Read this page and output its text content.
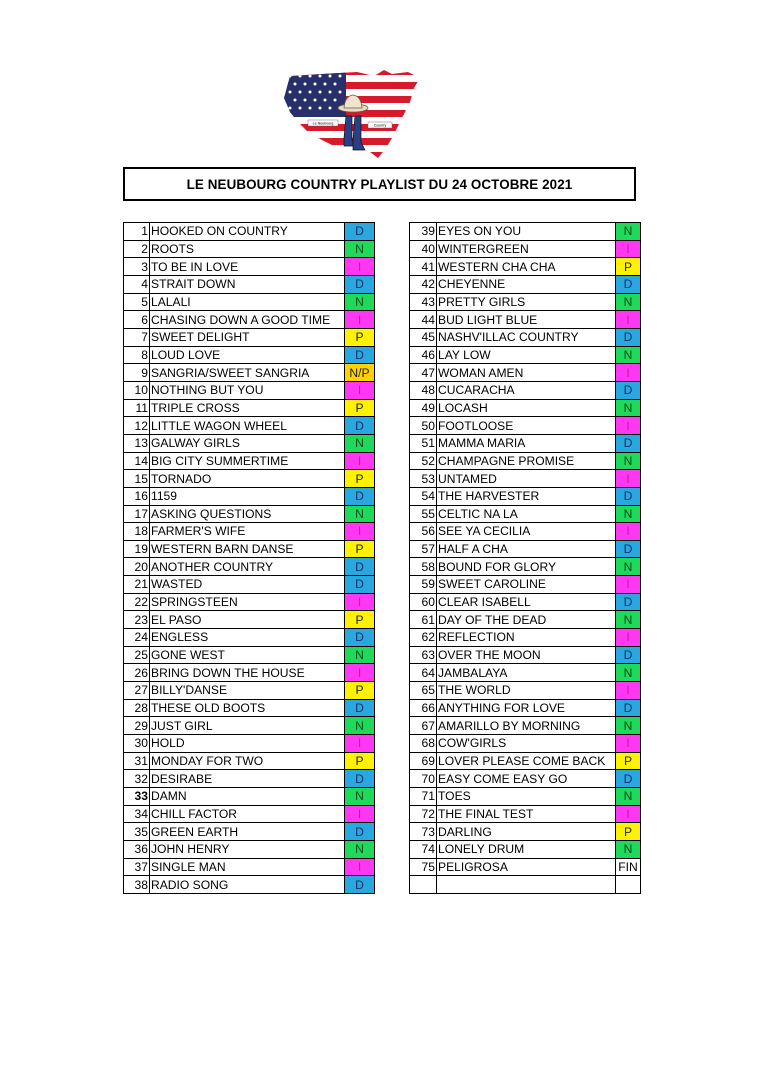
Le Neubourg	Country
LE NEUBOURG COUNTRY PLAYLIST DU 24 OCTOBRE 2021
1	HOOKED ON COUNTRY	D
2	ROOTS	N
3	TO BE IN LOVE	I
4	STRAIT DOWN	D
5	LALALI	N
6	CHASING DOWN A GOOD TIME	I
7	SWEET DELIGHT	P
8	LOUD LOVE	D
9	SANGRIA/SWEET SANGRIA	N/P
10	NOTHING BUT YOU	I
11	TRIPLE CROSS	P
12	LITTLE WAGON WHEEL	D
13	GALWAY GIRLS	N
14	BIG CITY SUMMERTIME	I
15	TORNADO	P
16	1159	D
17	ASKING QUESTIONS	N
18	FARMER'S WIFE	I
19	WESTERN BARN DANSE	P
20	ANOTHER COUNTRY	D
21	WASTED	D
22	SPRINGSTEEN	I
23	EL PASO	P
24	ENGLESS	D
25	GONE WEST	N
26	BRING DOWN THE HOUSE	I
27	BILLY'DANSE	P
28	THESE OLD BOOTS	D
29	JUST GIRL	N
30	HOLD	I
31	MONDAY FOR TWO	P
32	DESIRABE	D
33	DAMN	N
34	CHILL FACTOR	I
35	GREEN EARTH	D
36	JOHN HENRY	N
37	SINGLE MAN	I
38	RADIO SONG	D
39	EYES ON YOU	N
40	WINTERGREEN	I
41	WESTERN CHA CHA	P
42	CHEYENNE	D
43	PRETTY GIRLS	N
44	BUD LIGHT BLUE	I
45	NASHV'ILLAC COUNTRY	D
46	LAY LOW	N
47	WOMAN AMEN	I
48	CUCARACHA	D
49	LOCASH	N
50	FOOTLOOSE	I
51	MAMMA MARIA	D
52	CHAMPAGNE PROMISE	N
53	UNTAMED	I
54	THE HARVESTER	D
55	CELTIC NA LA	N
56	SEE YA CECILIA	I
57	HALF A CHA	D
58	BOUND FOR GLORY	N
59	SWEET CAROLINE	I
60	CLEAR ISABELL	D
61	DAY OF THE DEAD	N
62	REFLECTION	I
63	OVER THE MOON	D
64	JAMBALAYA	N
65	THE WORLD	I
66	ANYTHING FOR LOVE	D
67	AMARILLO BY MORNING	N
68	COW'GIRLS	I
69	LOVER PLEASE COME BACK	P
70	EASY COME EASY GO	D
71	TOES	N
72	THE FINAL TEST	I
73	DARLING	P
74	LONELY DRUM	N
75	PELIGROSA	FIN
